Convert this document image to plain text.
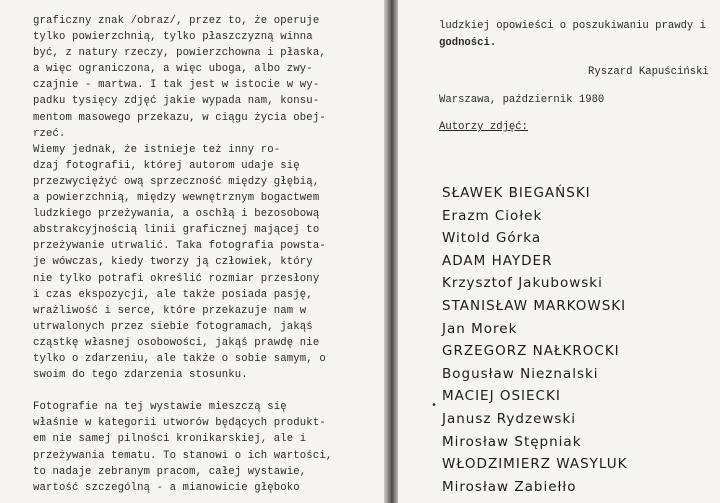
graficzny znak /obraz/, przez to, że operuje
tylko powierzchnią, tylko płaszczyzną winna
być, z natury rzeczy, powierzchowna i płaska,
a więc ograniczona, a więc uboga, albo zwy-
czajnie - martwa. I tak jest w istocie w wy-
padku tysięcy zdjęć jakie wypada nam, konsu-
mentom masowego przekazu, w ciągu życia obej-
rzeć.
Wiemy jednak, że istnieje też inny ro-
dzaj fotografii, której autorom udaje się
przezwyciężyć ową sprzeczność między głębią,
a powierzchnią, między wewnętrznym bogactwem
ludzkiego przeżywania, a oschłą i bezosobową
abstrakcyjnością linii graficznej mającej to
przeżywanie utrwalić. Taka fotografia powsta-
je wówczas, kiedy tworzy ją człowiek, który
nie tylko potrafi określić rozmiar przesłony
i czas ekspozycji, ale także posiada pasję,
wrażliwość i serce, które przekazuje nam w
utrwalonych przez siebie fotogramach, jakąś
cząstkę własnej osobowości, jakąś prawdę nie
tylko o zdarzeniu, ale także o sobie samym, o
swoim do tego zdarzenia stosunku.
Fotografie na tej wystawie mieszczą się
właśnie w kategorii utworów będących produkt-
em nie samej pilności kronikarskiej, ale i
przeżywania tematu. To stanowi o ich wartości,
to nadaje zebranym pracom, całej wystawie,
wartość szczególną - a mianowicie głęboko
ludzkiej opowieści o poszukiwaniu prawdy i
godności.
Ryszard Kapuściński
Warszawa, październik 1980
Autorzy zdjęć:
•
SŁAWEK BIEGAŃSKI
Erazm Ciołek
Witold Górka
ADAM HAYDER
Krzysztof Jakubowski
STANISŁAW MARKOWSKI
Jan Morek
GRZEGORZ NAŁKROCKI
Bogusław Nieznalski
MACIEJ OSIECKI
Janusz Rydzewski
Mirosław Stępniak
WŁODZIMIERZ WASYLUK
Mirosław Zabiełło
